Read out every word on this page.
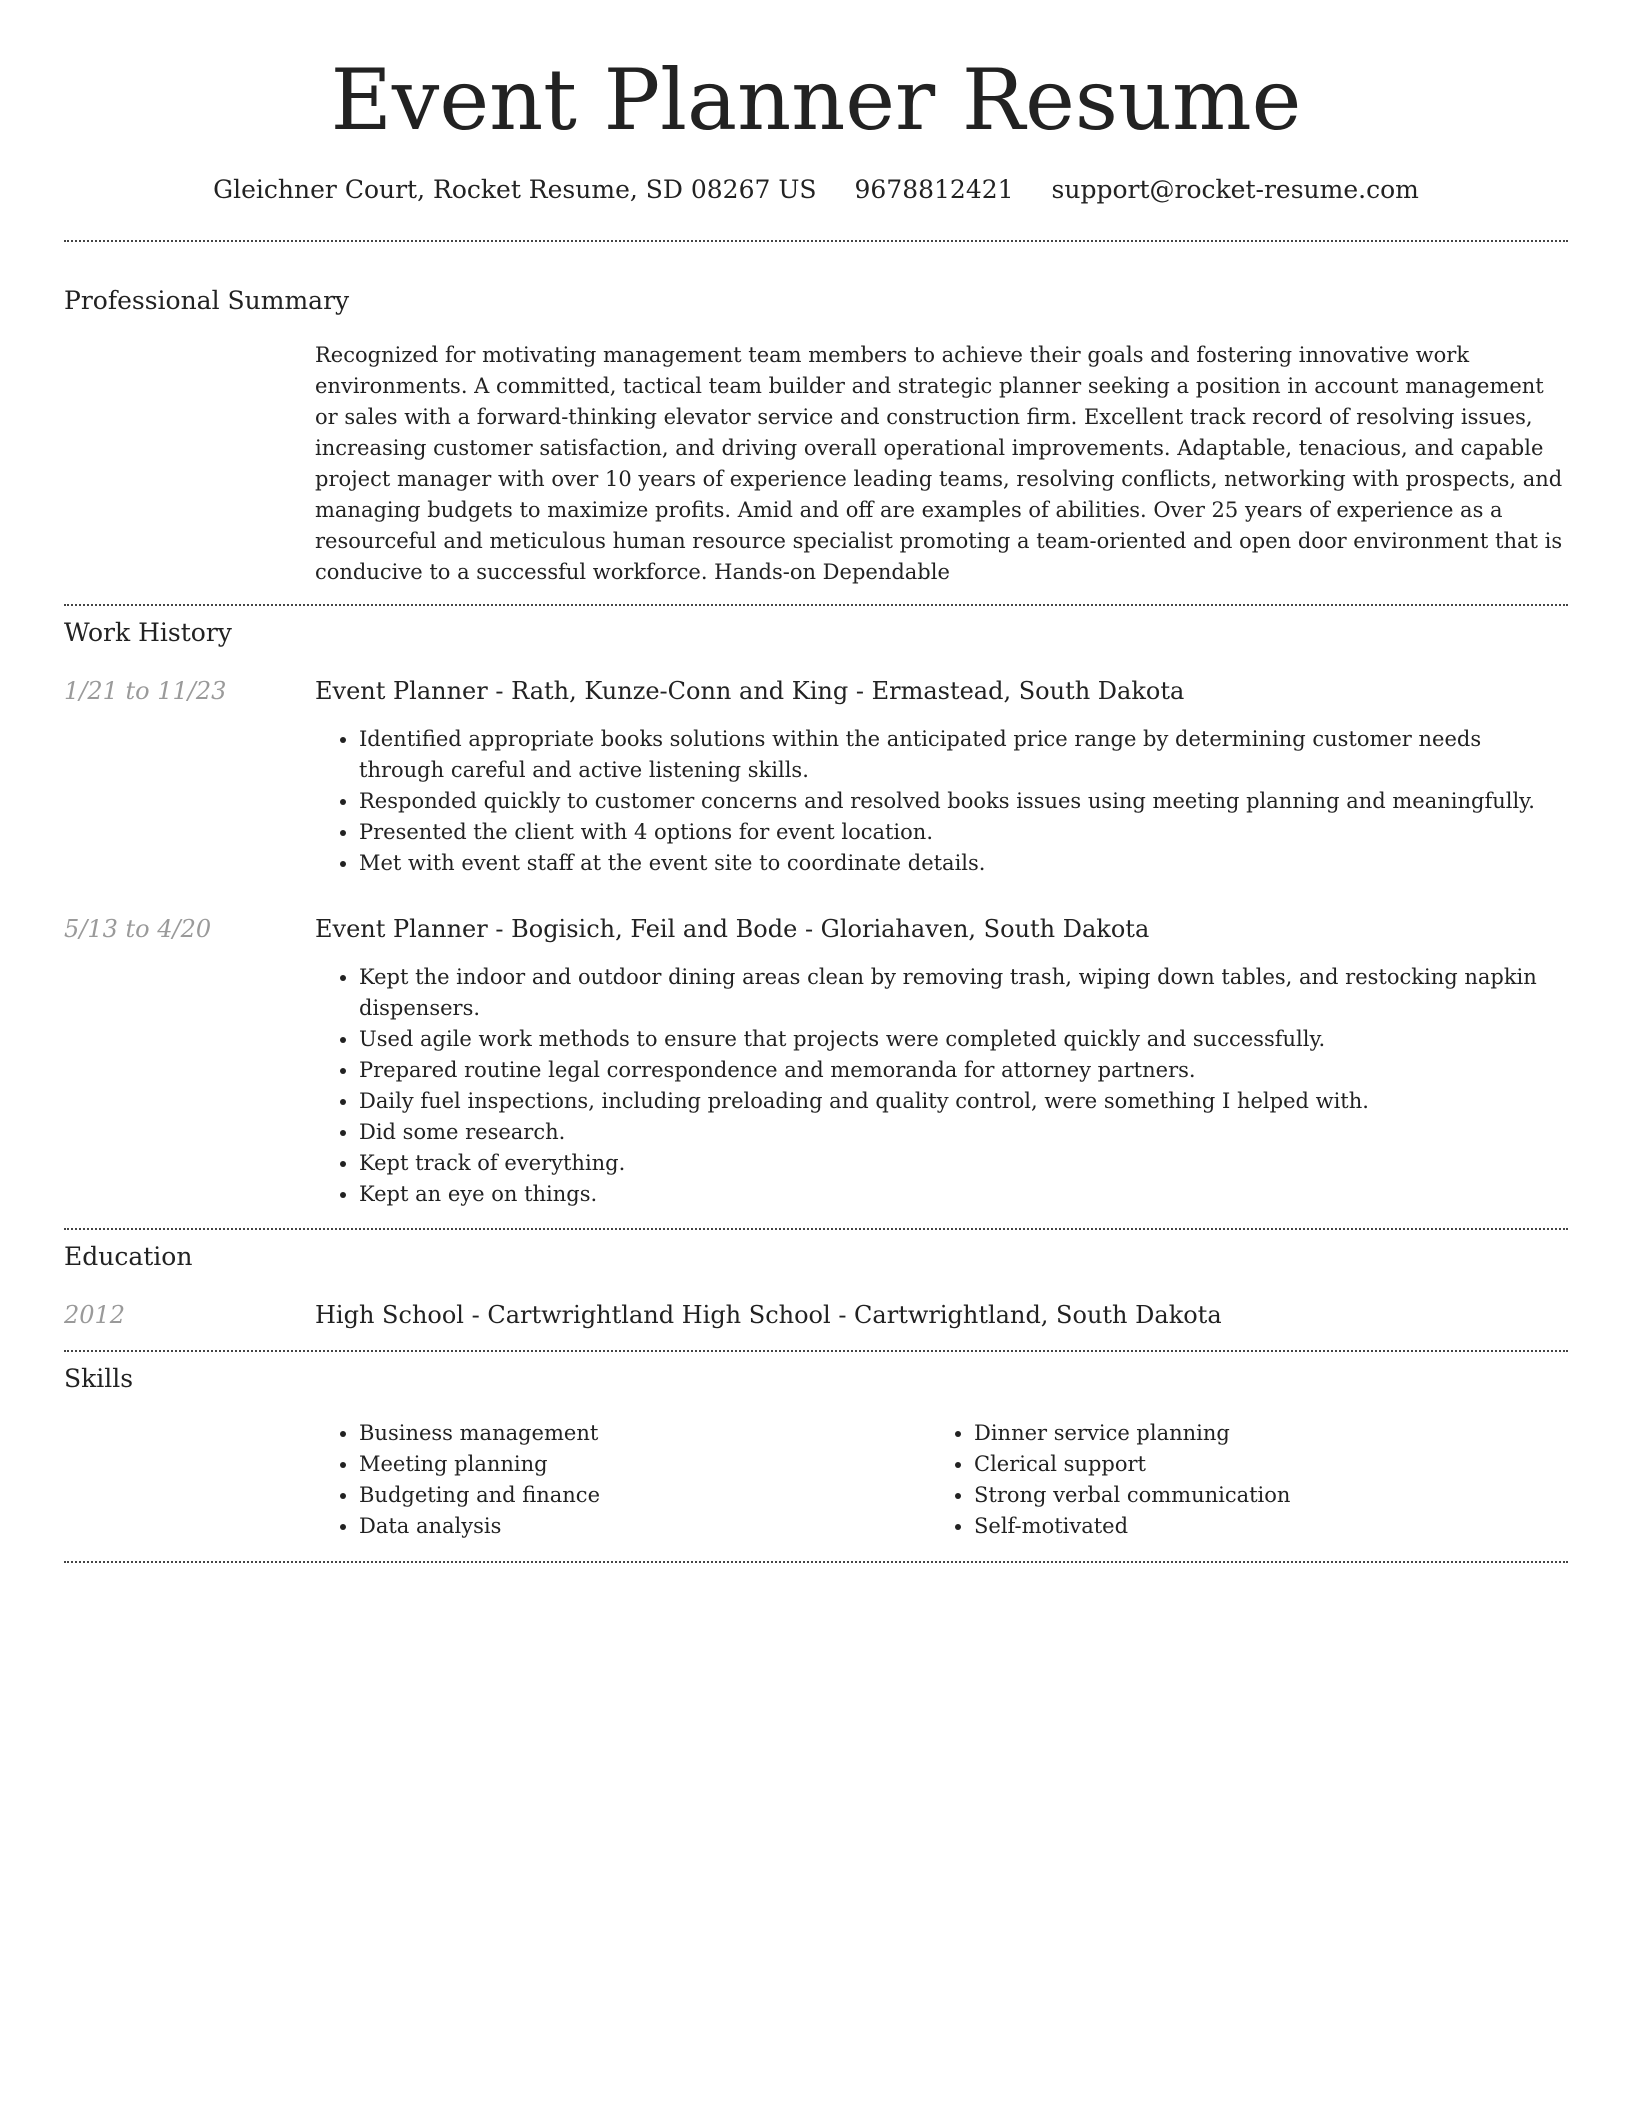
Event Planner Resume
Gleichner Court, Rocket Resume, SD 08267 US 9678812421 support@rocket-resume.com
Professional Summary

Recognized for motivating management team members to achieve their goals and fostering innovative work environments. A committed, tactical team builder and strategic planner seeking a position in account management or sales with a forward-thinking elevator service and construction firm. Excellent track record of resolving issues, increasing customer satisfaction, and driving overall operational improvements. Adaptable, tenacious, and capable project manager with over 10 years of experience leading teams, resolving conflicts, networking with prospects, and managing budgets to maximize profits. Amid and off are examples of abilities. Over 25 years of experience as a resourceful and meticulous human resource specialist promoting a team-oriented and open door environment that is conducive to a successful workforce. Hands-on Dependable

Work History
1/21 to 11/23	Event Planner - Rath, Kunze-Conn and King - Ermastead, South Dakota
• Identified appropriate books solutions within the anticipated price range by determining customer needs through careful and active listening skills.
• Responded quickly to customer concerns and resolved books issues using meeting planning and meaningfully.
• Presented the client with 4 options for event location.
• Met with event staff at the event site to coordinate details.
5/13 to 4/20	Event Planner - Bogisich, Feil and Bode - Gloriahaven, South Dakota
• Kept the indoor and outdoor dining areas clean by removing trash, wiping down tables, and restocking napkin dispensers.
• Used agile work methods to ensure that projects were completed quickly and successfully.
• Prepared routine legal correspondence and memoranda for attorney partners.
• Daily fuel inspections, including preloading and quality control, were something I helped with.
• Did some research.
• Kept track of everything.
• Kept an eye on things.
Education
2012	High School - Cartwrightland High School - Cartwrightland, South Dakota
Skills
• Business management
• Meeting planning
• Budgeting and finance
• Data analysis
• Dinner service planning
• Clerical support
• Strong verbal communication
• Self-motivated
